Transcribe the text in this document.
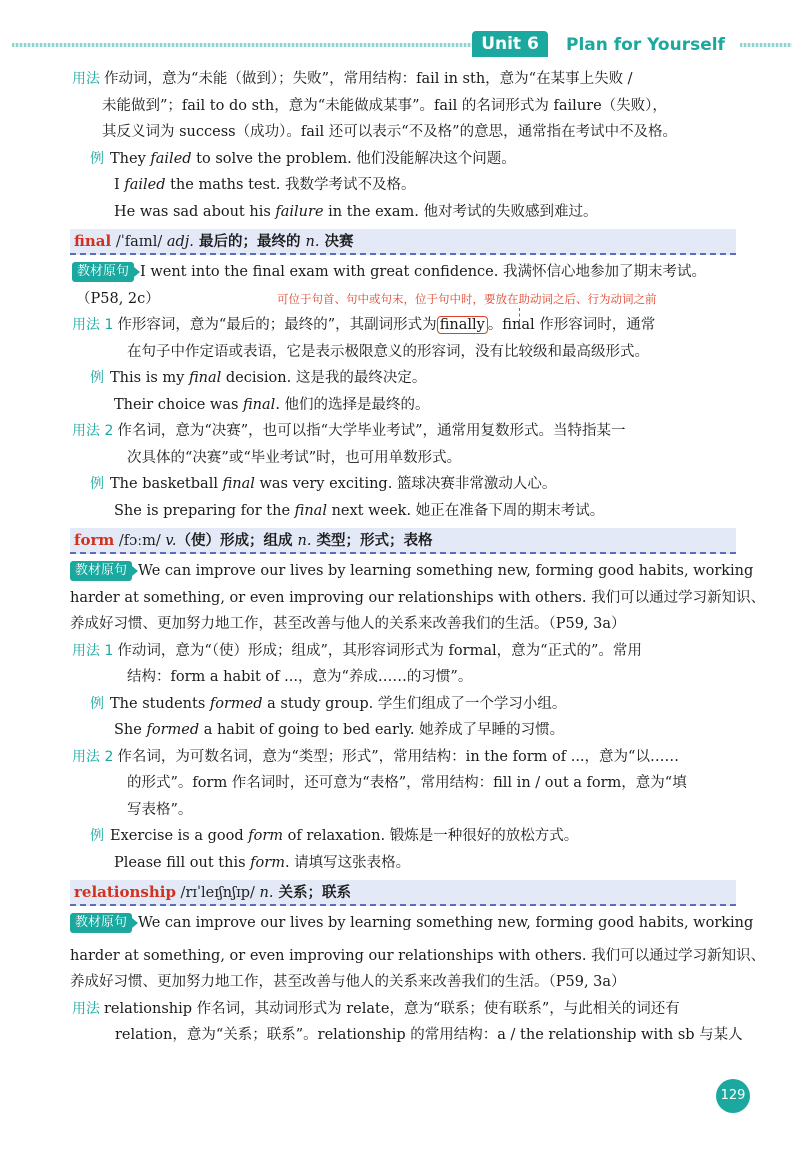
Unit 6	Plan for Yourself
用法 作动词，意为“未能（做到）；失败”，常用结构：fail in sth，意为“在某事上失败 /
未能做到”；fail to do sth，意为“未能做成某事”。fail 的名词形式为 failure（失败），
其反义词为 success（成功）。fail 还可以表示“不及格”的意思，通常指在考试中不及格。
例 They failed to solve the problem. 他们没能解决这个问题。
I failed the maths test. 我数学考试不及格。
He was sad about his failure in the exam. 他对考试的失败感到难过。
final /ˈfaɪnl/ adj. 最后的；最终的 n. 决赛
教材原句 I went into the final exam with great confidence. 我满怀信心地参加了期末考试。
（P58, 2c）	可位于句首、句中或句末，位于句中时，要放在助动词之后、行为动词之前
用法 1 作形容词，意为“最后的；最终的”，其副词形式为 finally 。final 作形容词时，通常
在句子中作定语或表语，它是表示极限意义的形容词，没有比较级和最高级形式。
例 This is my final decision. 这是我的最终决定。
Their choice was final. 他们的选择是最终的。
用法 2 作名词，意为“决赛”，也可以指“大学毕业考试”，通常用复数形式。当特指某一
次具体的“决赛”或“毕业考试”时，也可用单数形式。
例 The basketball final was very exciting. 篮球决赛非常激动人心。
She is preparing for the final next week. 她正在准备下周的期末考试。
form /fɔːm/ v.（使）形成；组成 n. 类型；形式；表格
教材原句 We can improve our lives by learning something new, forming good habits, working
harder at something, or even improving our relationships with others. 我们可以通过学习新知识、
养成好习惯、更加努力地工作，甚至改善与他人的关系来改善我们的生活。（P59, 3a）
用法 1 作动词，意为“（使）形成；组成”，其形容词形式为 formal，意为“正式的”。常用
结构：form a habit of ...，意为“养成……的习惯”。
例 The students formed a study group. 学生们组成了一个学习小组。
She formed a habit of going to bed early. 她养成了早睡的习惯。
用法 2 作名词，为可数名词，意为“类型；形式”，常用结构：in the form of ...，意为“以……
的形式”。form 作名词时，还可意为“表格”，常用结构：fill in / out a form，意为“填
写表格”。
例 Exercise is a good form of relaxation. 锻炼是一种很好的放松方式。
Please fill out this form. 请填写这张表格。
relationship /rɪˈleɪʃnʃɪp/ n. 关系；联系
教材原句 We can improve our lives by learning something new, forming good habits, working
harder at something, or even improving our relationships with others. 我们可以通过学习新知识、
养成好习惯、更加努力地工作，甚至改善与他人的关系来改善我们的生活。（P59, 3a）
用法 relationship 作名词，其动词形式为 relate，意为“联系；使有联系”，与此相关的词还有
relation，意为“关系；联系”。relationship 的常用结构：a / the relationship with sb 与某人
129
